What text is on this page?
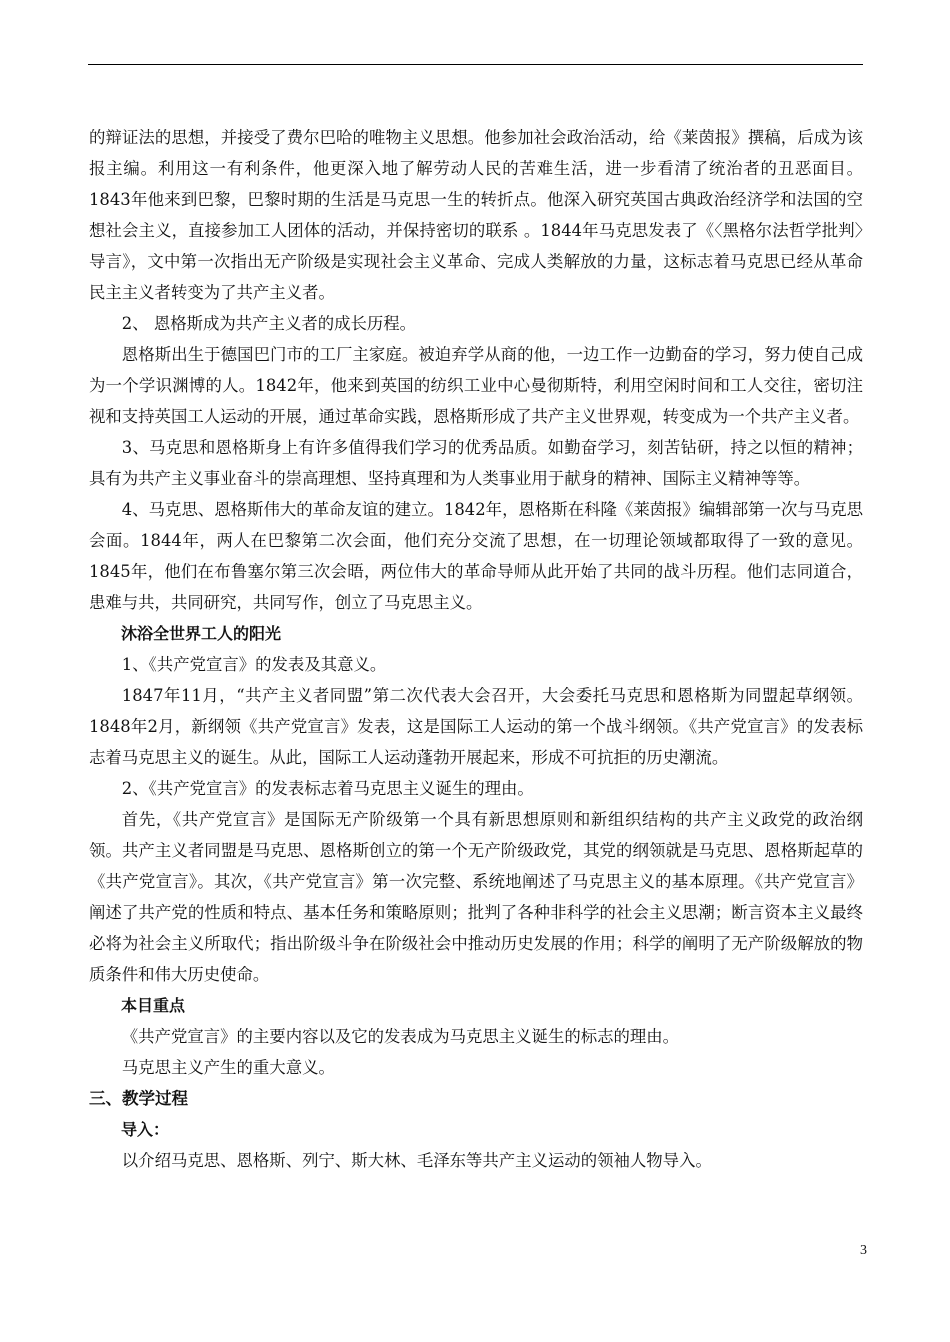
的辩证法的思想，并接受了费尔巴哈的唯物主义思想。他参加社会政治活动，给《莱茵报》撰稿，后成为该报主编。利用这一有利条件，他更深入地了解劳动人民的苦难生活，进一步看清了统治者的丑恶面目。1843年他来到巴黎，巴黎时期的生活是马克思一生的转折点。他深入研究英国古典政治经济学和法国的空想社会主义，直接参加工人团体的活动，并保持密切的联系 。1844年马克思发表了《〈黑格尔法哲学批判〉导言》，文中第一次指出无产阶级是实现社会主义革命、完成人类解放的力量，这标志着马克思已经从革命民主主义者转变为了共产主义者。

2、 恩格斯成为共产主义者的成长历程。

恩格斯出生于德国巴门市的工厂主家庭。被迫弃学从商的他，一边工作一边勤奋的学习，努力使自己成为一个学识渊博的人。1842年，他来到英国的纺织工业中心曼彻斯特，利用空闲时间和工人交往，密切注视和支持英国工人运动的开展，通过革命实践，恩格斯形成了共产主义世界观，转变成为一个共产主义者。

3、马克思和恩格斯身上有许多值得我们学习的优秀品质。如勤奋学习，刻苦钻研，持之以恒的精神；具有为共产主义事业奋斗的崇高理想、坚持真理和为人类事业用于献身的精神、国际主义精神等等。

4、马克思、恩格斯伟大的革命友谊的建立。1842年，恩格斯在科隆《莱茵报》编辑部第一次与马克思会面。1844年，两人在巴黎第二次会面，他们充分交流了思想，在一切理论领域都取得了一致的意见。1845年，他们在布鲁塞尔第三次会晤，两位伟大的革命导师从此开始了共同的战斗历程。他们志同道合，患难与共，共同研究，共同写作，创立了马克思主义。

沐浴全世界工人的阳光

1、《共产党宣言》的发表及其意义。

1847年11月，“共产主义者同盟”第二次代表大会召开，大会委托马克思和恩格斯为同盟起草纲领。1848年2月，新纲领《共产党宣言》发表，这是国际工人运动的第一个战斗纲领。《共产党宣言》的发表标志着马克思主义的诞生。从此，国际工人运动蓬勃开展起来，形成不可抗拒的历史潮流。

2、《共产党宣言》的发表标志着马克思主义诞生的理由。

首先，《共产党宣言》是国际无产阶级第一个具有新思想原则和新组织结构的共产主义政党的政治纲领。共产主义者同盟是马克思、恩格斯创立的第一个无产阶级政党，其党的纲领就是马克思、恩格斯起草的《共产党宣言》。其次，《共产党宣言》第一次完整、系统地阐述了马克思主义的基本原理。《共产党宣言》阐述了共产党的性质和特点、基本任务和策略原则；批判了各种非科学的社会主义思潮；断言资本主义最终必将为社会主义所取代；指出阶级斗争在阶级社会中推动历史发展的作用；科学的阐明了无产阶级解放的物质条件和伟大历史使命。

本目重点

《共产党宣言》的主要内容以及它的发表成为马克思主义诞生的标志的理由。

马克思主义产生的重大意义。

三、教学过程

导入：

以介绍马克思、恩格斯、列宁、斯大林、毛泽东等共产主义运动的领袖人物导入。

3
